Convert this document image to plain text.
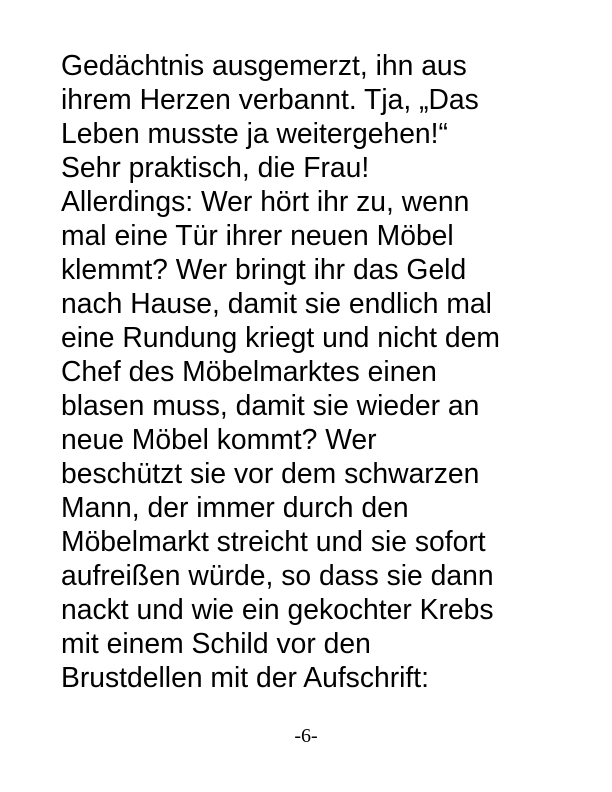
Gedächtnis ausgemerzt, ihn aus
ihrem Herzen verbannt. Tja, „Das
Leben musste ja weitergehen!“
Sehr praktisch, die Frau!
Allerdings: Wer hört ihr zu, wenn
mal eine Tür ihrer neuen Möbel
klemmt? Wer bringt ihr das Geld
nach Hause, damit sie endlich mal
eine Rundung kriegt und nicht dem
Chef des Möbelmarktes einen
blasen muss, damit sie wieder an
neue Möbel kommt? Wer
beschützt sie vor dem schwarzen
Mann, der immer durch den
Möbelmarkt streicht und sie sofort
aufreißen würde, so dass sie dann
nackt und wie ein gekochter Krebs
mit einem Schild vor den
Brustdellen mit der Aufschrift:
-6-
